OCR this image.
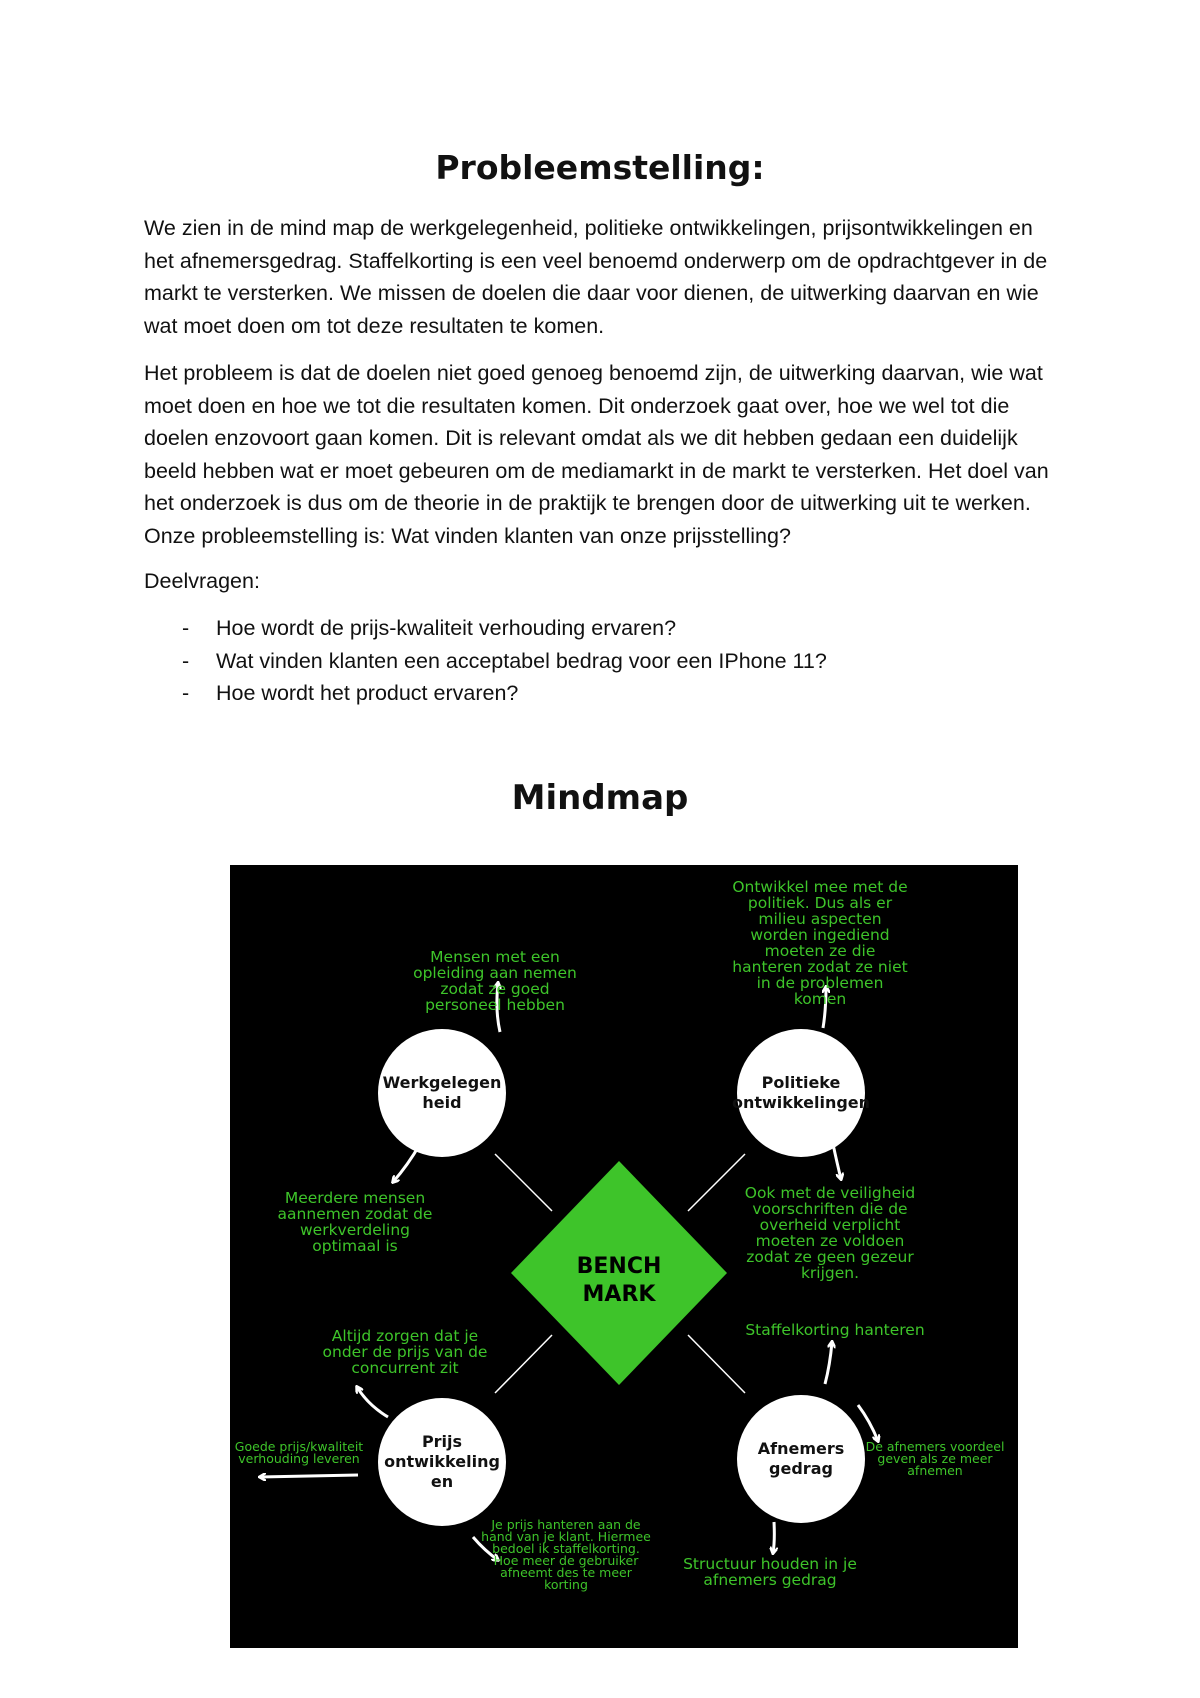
Probleemstelling:

We zien in de mind map de werkgelegenheid, politieke ontwikkelingen, prijsontwikkelingen en het afnemersgedrag. Staffelkorting is een veel benoemd onderwerp om de opdrachtgever in de markt te versterken. We missen de doelen die daar voor dienen, de uitwerking daarvan en wie wat moet doen om tot deze resultaten te komen.

Het probleem is dat de doelen niet goed genoeg benoemd zijn, de uitwerking daarvan, wie wat moet doen en hoe we tot die resultaten komen. Dit onderzoek gaat over, hoe we wel tot die doelen enzovoort gaan komen. Dit is relevant omdat als we dit hebben gedaan een duidelijk beeld hebben wat er moet gebeuren om de mediamarkt in de markt te versterken. Het doel van het onderzoek is dus om de theorie in de praktijk te brengen door de uitwerking uit te werken. Onze probleemstelling is: Wat vinden klanten van onze prijsstelling?

Deelvragen:

- Hoe wordt de prijs-kwaliteit verhouding ervaren?
- Wat vinden klanten een acceptabel bedrag voor een IPhone 11?
- Hoe wordt het product ervaren?
Mindmap
Werkgelegen
heid
Politieke
ontwikkelingen
Prijs
ontwikkeling
en
Afnemers
gedrag
BENCH
MARK
Mensen met een
opleiding aan nemen
zodat ze goed
personeel hebben
Meerdere mensen
aannemen zodat de
werkverdeling
optimaal is
Ontwikkel mee met de
politiek. Dus als er
milieu aspecten
worden ingediend
moeten ze die
hanteren zodat ze niet
in de problemen
komen
Ook met de veiligheid
voorschriften die de
overheid verplicht
moeten ze voldoen
zodat ze geen gezeur
krijgen.
Altijd zorgen dat je
onder de prijs van de
concurrent zit
Goede prijs/kwaliteit
verhouding leveren
Je prijs hanteren aan de
hand van je klant. Hiermee
bedoel ik staffelkorting.
Hoe meer de gebruiker
afneemt des te meer
korting
Staffelkorting hanteren
De afnemers voordeel
geven als ze meer
afnemen
Structuur houden in je
afnemers gedrag
